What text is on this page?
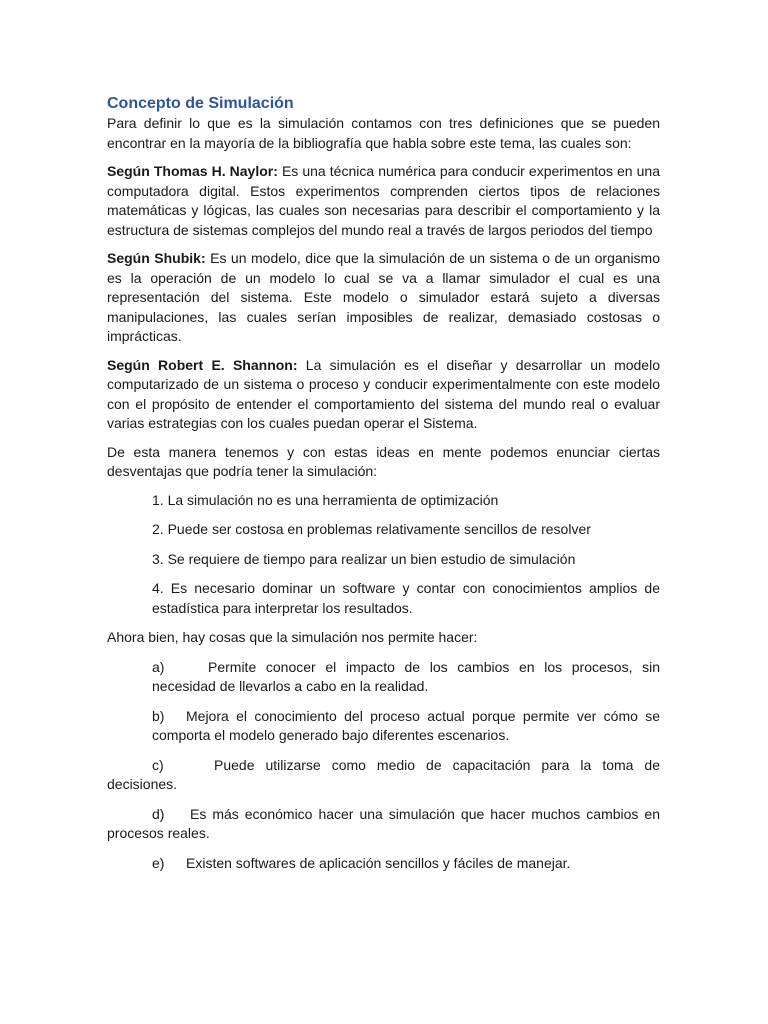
Concepto de Simulación

Para definir lo que es la simulación contamos con tres definiciones que se pueden encontrar en la mayoría de la bibliografía que habla sobre este tema, las cuales son:

Según Thomas H. Naylor: Es una técnica numérica para conducir experimentos en una computadora digital. Estos experimentos comprenden ciertos tipos de relaciones matemáticas y lógicas, las cuales son necesarias para describir el comportamiento y la estructura de sistemas complejos del mundo real a través de largos periodos del tiempo

Según Shubik: Es un modelo, dice que la simulación de un sistema o de un organismo es la operación de un modelo lo cual se va a llamar simulador el cual es una representación del sistema. Este modelo o simulador estará sujeto a diversas manipulaciones, las cuales serían imposibles de realizar, demasiado costosas o imprácticas.

Según Robert E. Shannon: La simulación es el diseñar y desarrollar un modelo computarizado de un sistema o proceso y conducir experimentalmente con este modelo con el propósito de entender el comportamiento del sistema del mundo real o evaluar varias estrategias con los cuales puedan operar el Sistema.

De esta manera tenemos y con estas ideas en mente podemos enunciar ciertas desventajas que podría tener la simulación:

1. La simulación no es una herramienta de optimización

2. Puede ser costosa en problemas relativamente sencillos de resolver

3. Se requiere de tiempo para realizar un bien estudio de simulación

4. Es necesario dominar un software y contar con conocimientos amplios de estadística para interpretar los resultados.

Ahora bien, hay cosas que la simulación nos permite hacer:

a)	Permite conocer el impacto de los cambios en los procesos, sin necesidad de llevarlos a cabo en la realidad.

b) Mejora el conocimiento del proceso actual porque permite ver cómo se comporta el modelo generado bajo diferentes escenarios.

c)	Puede utilizarse como medio de capacitación para la toma de decisiones.

d) Es más económico hacer una simulación que hacer muchos cambios en procesos reales.

e) Existen softwares de aplicación sencillos y fáciles de manejar.
